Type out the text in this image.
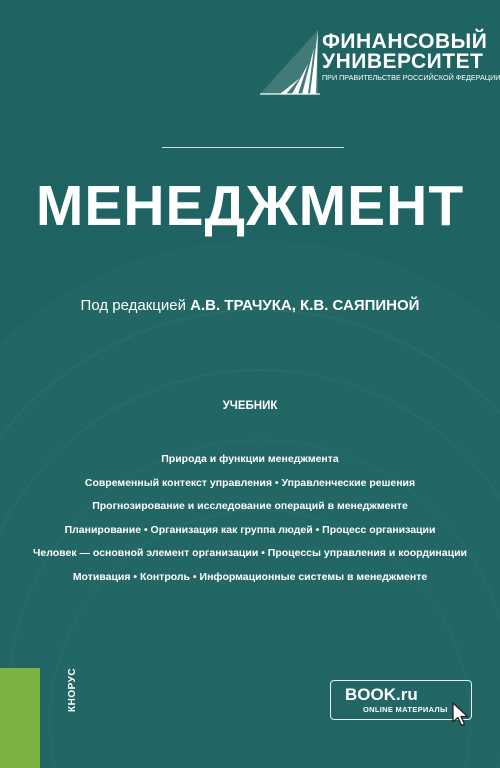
ФИНАНСОВЫЙ
УНИВЕРСИТЕТ
ПРИ ПРАВИТЕЛЬСТВЕ РОССИЙСКОЙ ФЕДЕРАЦИИ
МЕНЕДЖМЕНТ
Под редакцией А.В. ТРАЧУКА, К.В. САЯПИНОЙ
УЧЕБНИК
Природа и функции менеджмента
Современный контекст управления • Управленческие решения
Прогнозирование и исследование операций в менеджменте
Планирование • Организация как группа людей • Процесс организации
Человек — основной элемент организации • Процессы управления и координации
Мотивация • Контроль • Информационные системы в менеджменте
КНОРУС	BOOK.ru
ONLINE МАТЕРИАЛЫ
